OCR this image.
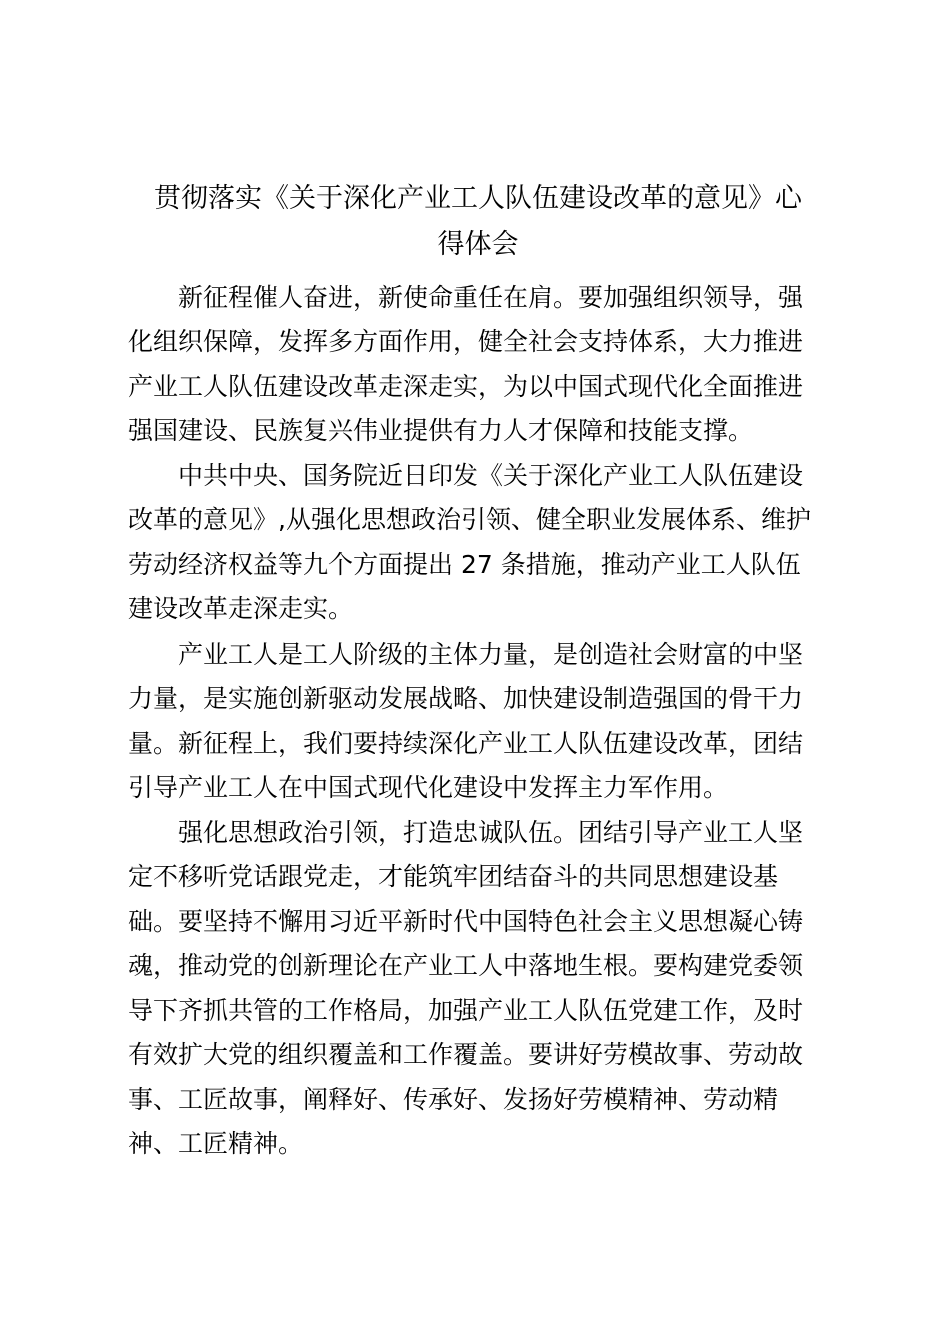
贯彻落实《关于深化产业工人队伍建设改革的意见》心
得体会
新征程催人奋进，新使命重任在肩。要加强组织领导，强
化组织保障，发挥多方面作用，健全社会支持体系，大力推进
产业工人队伍建设改革走深走实，为以中国式现代化全面推进
强国建设、民族复兴伟业提供有力人才保障和技能支撑。
中共中央、国务院近日印发《关于深化产业工人队伍建设
改革的意见》,从强化思想政治引领、健全职业发展体系、维护
劳动经济权益等九个方面提出 27 条措施，推动产业工人队伍
建设改革走深走实。
产业工人是工人阶级的主体力量，是创造社会财富的中坚
力量，是实施创新驱动发展战略、加快建设制造强国的骨干力
量。新征程上，我们要持续深化产业工人队伍建设改革，团结
引导产业工人在中国式现代化建设中发挥主力军作用。
强化思想政治引领，打造忠诚队伍。团结引导产业工人坚
定不移听党话跟党走，才能筑牢团结奋斗的共同思想建设基
础。要坚持不懈用习近平新时代中国特色社会主义思想凝心铸
魂，推动党的创新理论在产业工人中落地生根。要构建党委领
导下齐抓共管的工作格局，加强产业工人队伍党建工作，及时
有效扩大党的组织覆盖和工作覆盖。要讲好劳模故事、劳动故
事、工匠故事，阐释好、传承好、发扬好劳模精神、劳动精
神、工匠精神。
